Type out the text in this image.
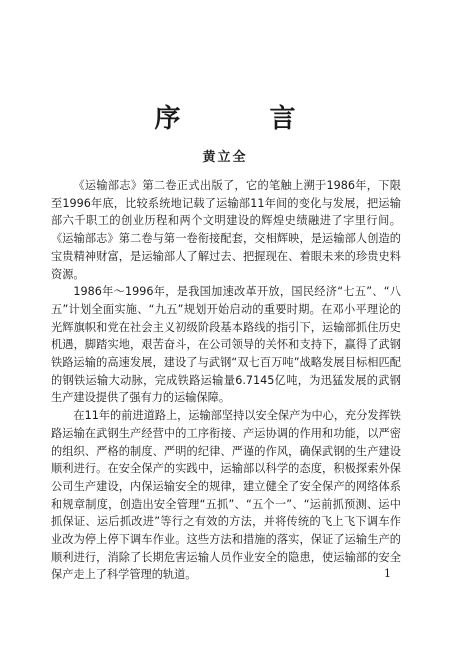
序 言
黄立全

《运输部志》第二卷正式出版了，它的笔触上溯于1986年，下限至1996年底，比较系统地记载了运输部11年间的变化与发展，把运输部六千职工的创业历程和两个文明建设的辉煌史绩融进了字里行间。《运输部志》第二卷与第一卷衔接配套，交相辉映，是运输部人创造的宝贵精神财富，是运输部人了解过去、把握现在、着眼未来的珍贵史料资源。

1986年～1996年，是我国加速改革开放，国民经济“七五”、“八五”计划全面实施、“九五”规划开始启动的重要时期。在邓小平理论的光辉旗帜和党在社会主义初级阶段基本路线的指引下，运输部抓住历史机遇，脚踏实地，艰苦奋斗，在公司领导的关怀和支持下，赢得了武钢铁路运输的高速发展，建设了与武钢“双七百万吨”战略发展目标相匹配的钢铁运输大动脉，完成铁路运输量6.7145亿吨，为迅猛发展的武钢生产建设提供了强有力的运输保障。

在11年的前进道路上，运输部坚持以安全保产为中心，充分发挥铁路运输在武钢生产经营中的工序衔接、产运协调的作用和功能，以严密的组织、严格的制度、严明的纪律、严谨的作风，确保武钢的生产建设顺利进行。在安全保产的实践中，运输部以科学的态度，积极探索外保公司生产建设，内保运输安全的规律，建立健全了安全保产的网络体系和规章制度，创造出安全管理“五抓”、“五个一”、“运前抓预测、运中抓保证、运后抓改进”等行之有效的方法，并将传统的飞上飞下调车作业改为停上停下调车作业。这些方法和措施的落实，保证了运输生产的顺利进行，消除了长期危害运输人员作业安全的隐患，使运输部的安全保产走上了科学管理的轨道。	1
